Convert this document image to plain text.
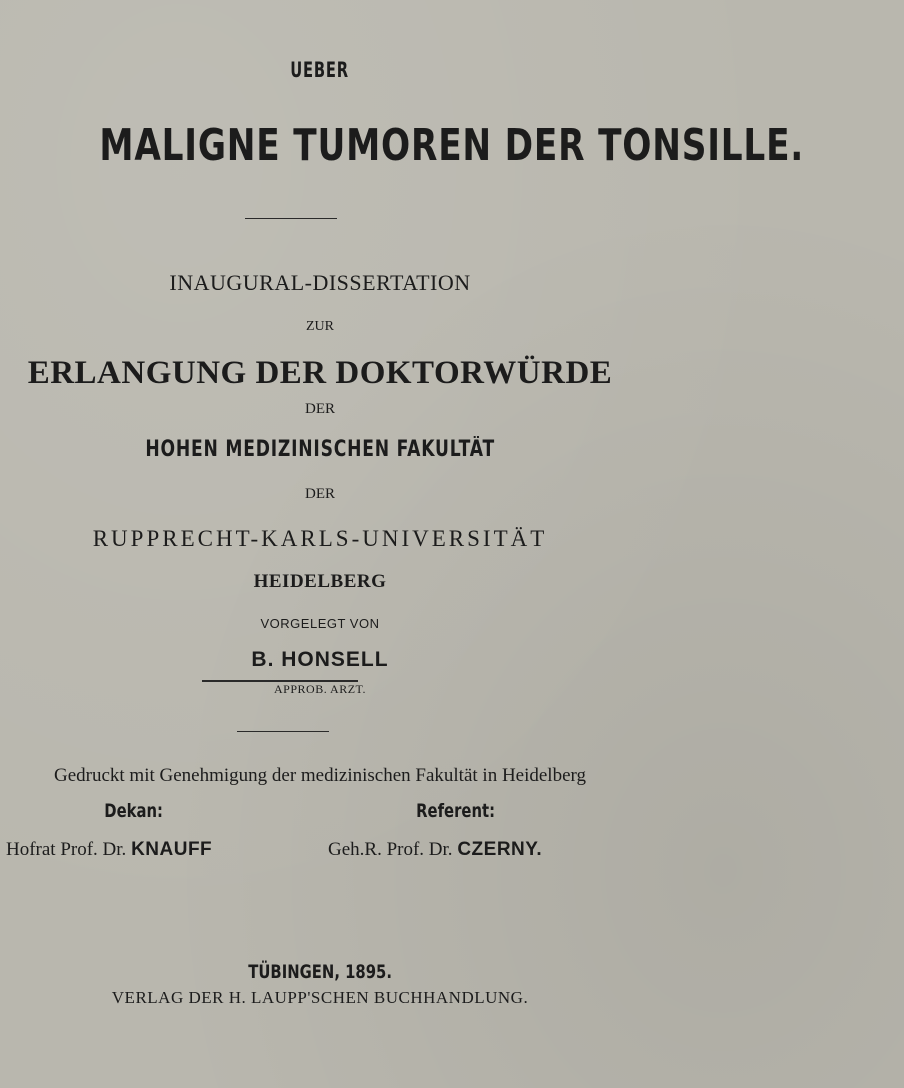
UEBER
MALIGNE TUMOREN DER TONSILLE.
INAUGURAL-DISSERTATION
ZUR
ERLANGUNG DER DOKTORWÜRDE
DER
HOHEN MEDIZINISCHEN FAKULTÄT
DER
RUPPRECHT-KARLS-UNIVERSITÄT
HEIDELBERG
VORGELEGT VON
B. HONSELL
APPROB. ARZT.
Gedruckt mit Genehmigung der medizinischen Fakultät in Heidelberg
Dekan:
Hofrat Prof. Dr. KNAUFF
Referent:
Geh.R. Prof. Dr. CZERNY.
TÜBINGEN, 1895.
VERLAG DER H. LAUPP'SCHEN BUCHHANDLUNG.
